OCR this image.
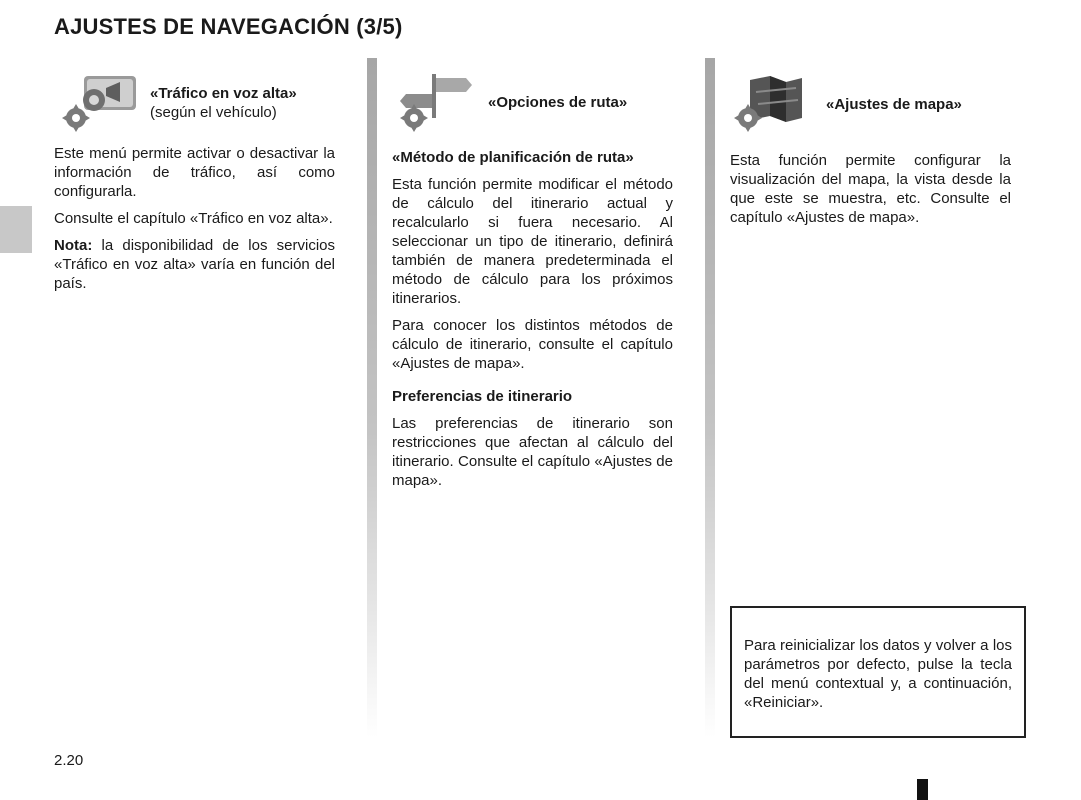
AJUSTES DE NAVEGACIÓN (3/5)
«Tráfico en voz alta»
(según el vehículo)

Este menú permite activar o desactivar la información de tráfico, así como configurarla.

Consulte el capítulo «Tráfico en voz alta».

Nota: la disponibilidad de los servicios «Tráfico en voz alta» varía en función del país.

«Opciones de ruta»
«Método de planificación de ruta»

Esta función permite modificar el método de cálculo del itinerario actual y recalcularlo si fuera necesario. Al seleccionar un tipo de itinerario, definirá también de manera predeterminada el método de cálculo para los próximos itinerarios.

Para conocer los distintos métodos de cálculo de itinerario, consulte el capítulo «Ajustes de mapa».

Preferencias de itinerario

Las preferencias de itinerario son restricciones que afectan al cálculo del itinerario. Consulte el capítulo «Ajustes de mapa».

«Ajustes de mapa»

Esta función permite configurar la visualización del mapa, la vista desde la que este se muestra, etc. Consulte el capítulo «Ajustes de mapa».

Para reinicializar los datos y volver a los parámetros por defecto, pulse la tecla del menú contextual y, a continuación, «Reiniciar».
2.20
